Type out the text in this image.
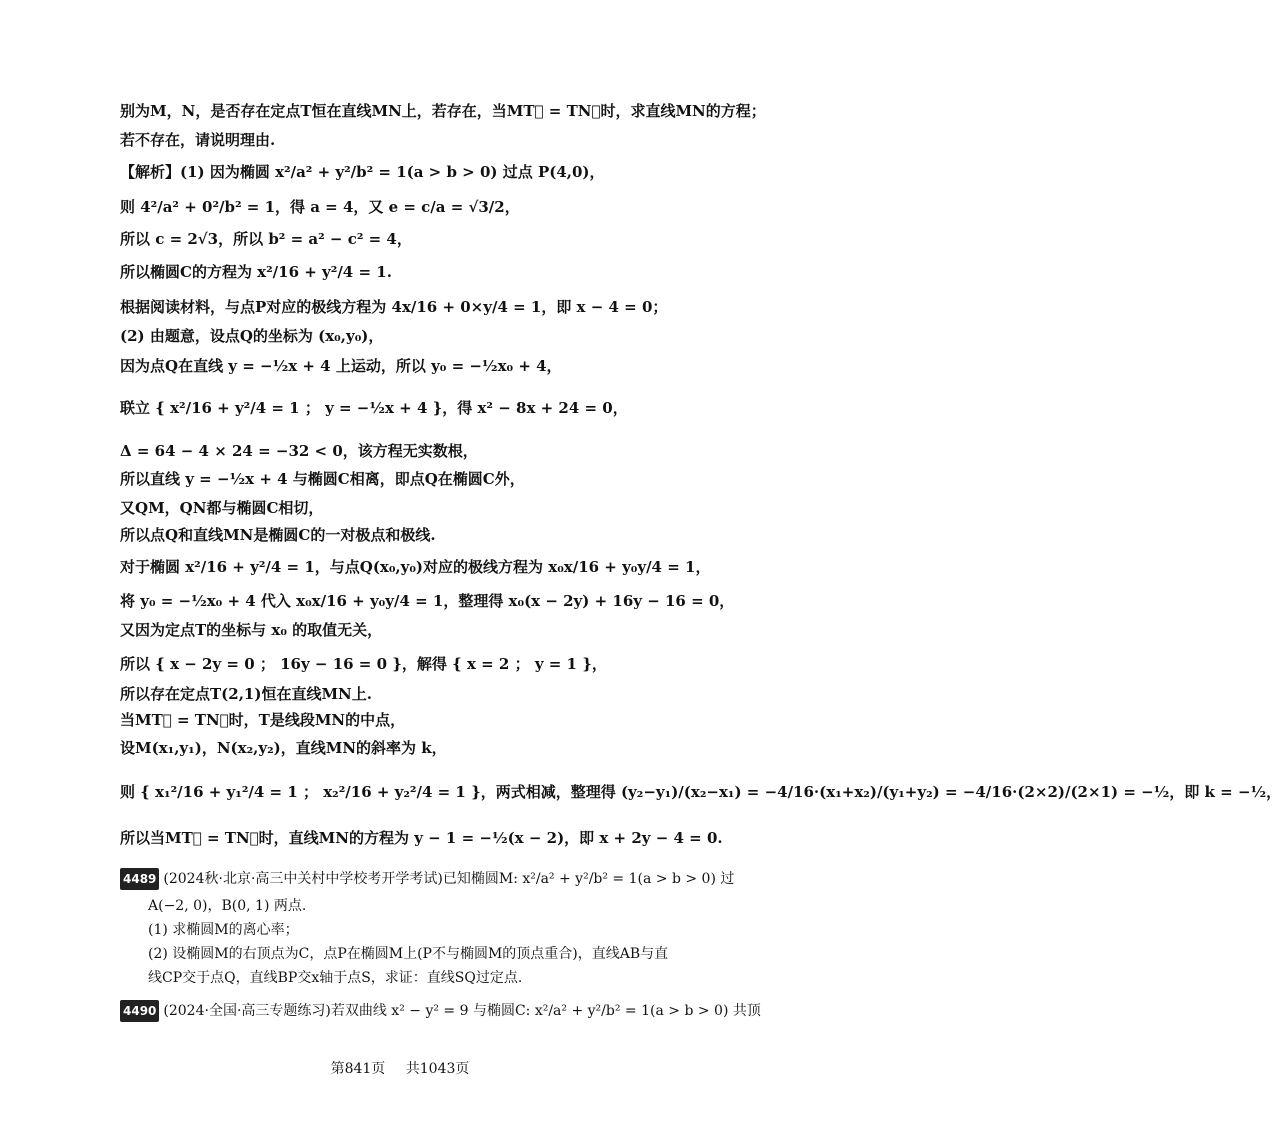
别为M，N，是否存在定点T恒在直线MN上，若存在，当MT⃗ = TN⃗时，求直线MN的方程；
若不存在，请说明理由.
【解析】(1) 因为椭圆 x²/a² + y²/b² = 1(a > b > 0) 过点 P(4,0)，
则 4²/a² + 0²/b² = 1，得 a = 4，又 e = c/a = √3/2，
所以 c = 2√3，所以 b² = a² − c² = 4，
所以椭圆C的方程为 x²/16 + y²/4 = 1.
根据阅读材料，与点P对应的极线方程为 4x/16 + 0×y/4 = 1，即 x − 4 = 0；
(2) 由题意，设点Q的坐标为 (x₀,y₀)，
因为点Q在直线 y = −½x + 4 上运动，所以 y₀ = −½x₀ + 4，
联立 { x²/16 + y²/4 = 1 ； y = −½x + 4 }，得 x² − 8x + 24 = 0，
Δ = 64 − 4 × 24 = −32 < 0，该方程无实数根，
所以直线 y = −½x + 4 与椭圆C相离，即点Q在椭圆C外，
又QM，QN都与椭圆C相切，
所以点Q和直线MN是椭圆C的一对极点和极线.
对于椭圆 x²/16 + y²/4 = 1，与点Q(x₀,y₀)对应的极线方程为 x₀x/16 + y₀y/4 = 1，
将 y₀ = −½x₀ + 4 代入 x₀x/16 + y₀y/4 = 1，整理得 x₀(x − 2y) + 16y − 16 = 0，
又因为定点T的坐标与 x₀ 的取值无关，
所以 { x − 2y = 0 ； 16y − 16 = 0 }，解得 { x = 2 ； y = 1 }，
所以存在定点T(2,1)恒在直线MN上.
当MT⃗ = TN⃗时，T是线段MN的中点，
设M(x₁,y₁)，N(x₂,y₂)，直线MN的斜率为 k，
则 { x₁²/16 + y₁²/4 = 1 ； x₂²/16 + y₂²/4 = 1 }，两式相减，整理得 (y₂−y₁)/(x₂−x₁) = −4/16·(x₁+x₂)/(y₁+y₂) = −4/16·(2×2)/(2×1) = −½，即 k = −½，
所以当MT⃗ = TN⃗时，直线MN的方程为 y − 1 = −½(x − 2)，即 x + 2y − 4 = 0.
4489 (2024秋·北京·高三中关村中学校考开学考试)已知椭圆M: x²/a² + y²/b² = 1(a > b > 0) 过
A(−2, 0)，B(0, 1) 两点.
(1) 求椭圆M的离心率；
(2) 设椭圆M的右顶点为C，点P在椭圆M上(P不与椭圆M的顶点重合)，直线AB与直
线CP交于点Q，直线BP交x轴于点S，求证：直线SQ过定点.
4490 (2024·全国·高三专题练习)若双曲线 x² − y² = 9 与椭圆C: x²/a² + y²/b² = 1(a > b > 0) 共顶
第841页 共1043页
